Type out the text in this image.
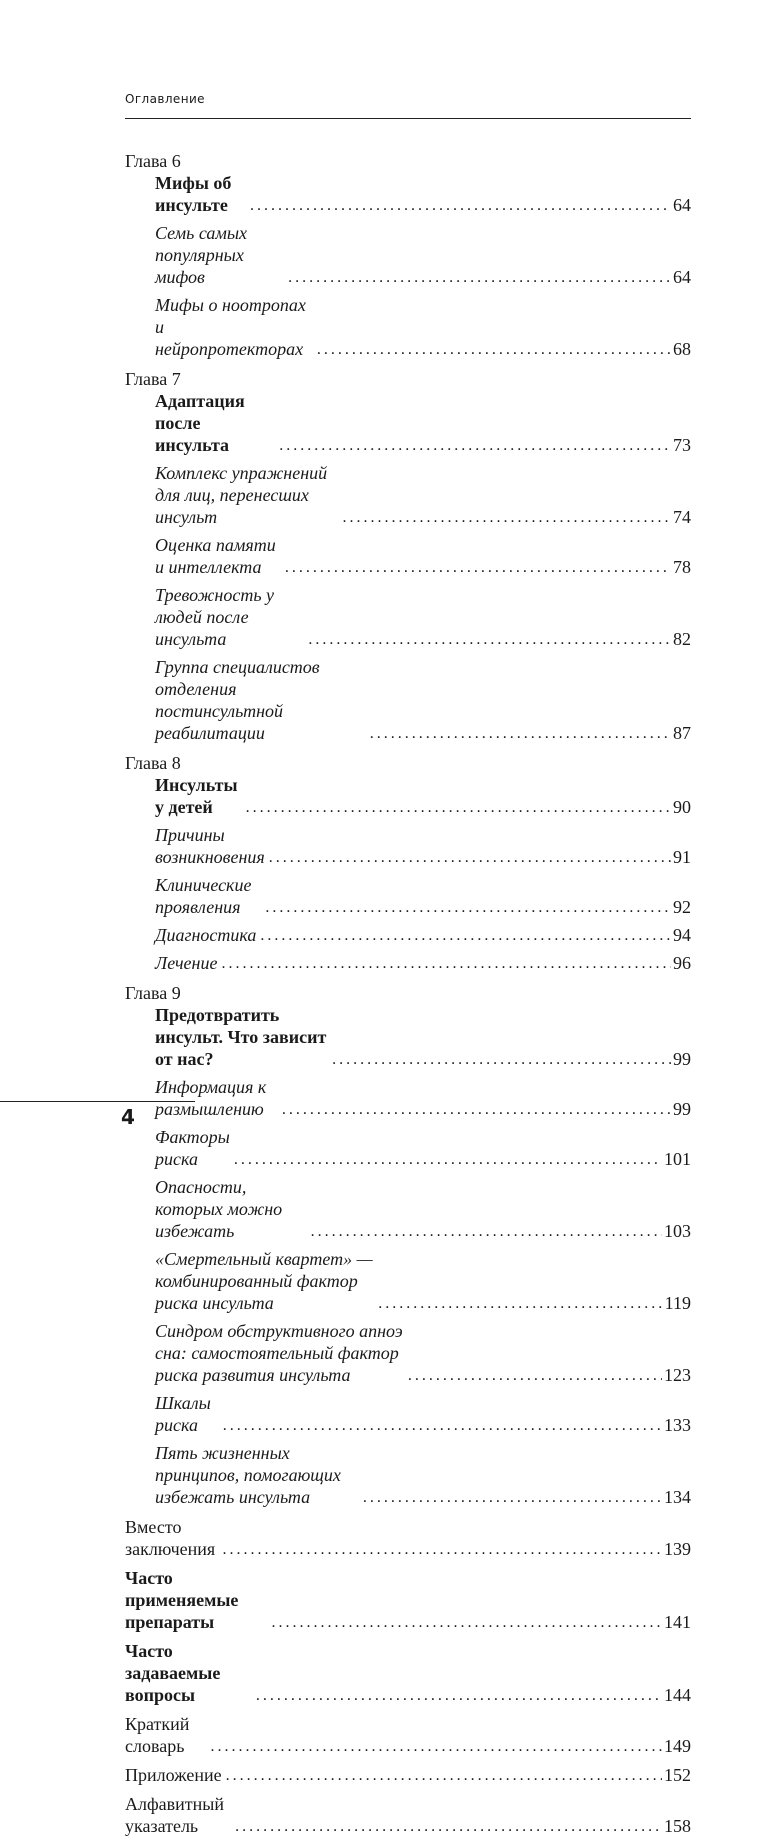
Оглавление
Глава 6
Мифы об инсульте . . .	64
Семь самых популярных мифов . . .	64
Мифы о ноотропах и нейропротекторах . . .	68
Глава 7
Адаптация после инсульта . . .	73
Комплекс упражнений для лиц, перенесших инсульт . . .	74
Оценка памяти и интеллекта . . .	78
Тревожность у людей после инсульта . . .	82
Группа специалистов отделения постинсультной реабилитации . . .	87
Глава 8
Инсульты у детей . . .	90
Причины возникновения . . .	91
Клинические проявления . . .	92
Диагностика . . .	94
Лечение . . .	96
Глава 9
Предотвратить инсульт. Что зависит от нас? . . .	99
Информация к размышлению . . .	99
Факторы риска . . .	101
Опасности, которых можно избежать . . .	103
«Смертельный квартет» — комбинированный фактор риска инсульта . . .	119
Синдром обструктивного апноэ сна: самостоятельный фактор риска развития инсульта . . .	123
Шкалы риска . . .	133
Пять жизненных принципов, помогающих избежать инсульта . . .	134
Вместо заключения . . .	139
Часто применяемые препараты . . .	141
Часто задаваемые вопросы . . .	144
Краткий словарь . . .	149
Приложение . . .	152
Алфавитный указатель . . .	158
4
